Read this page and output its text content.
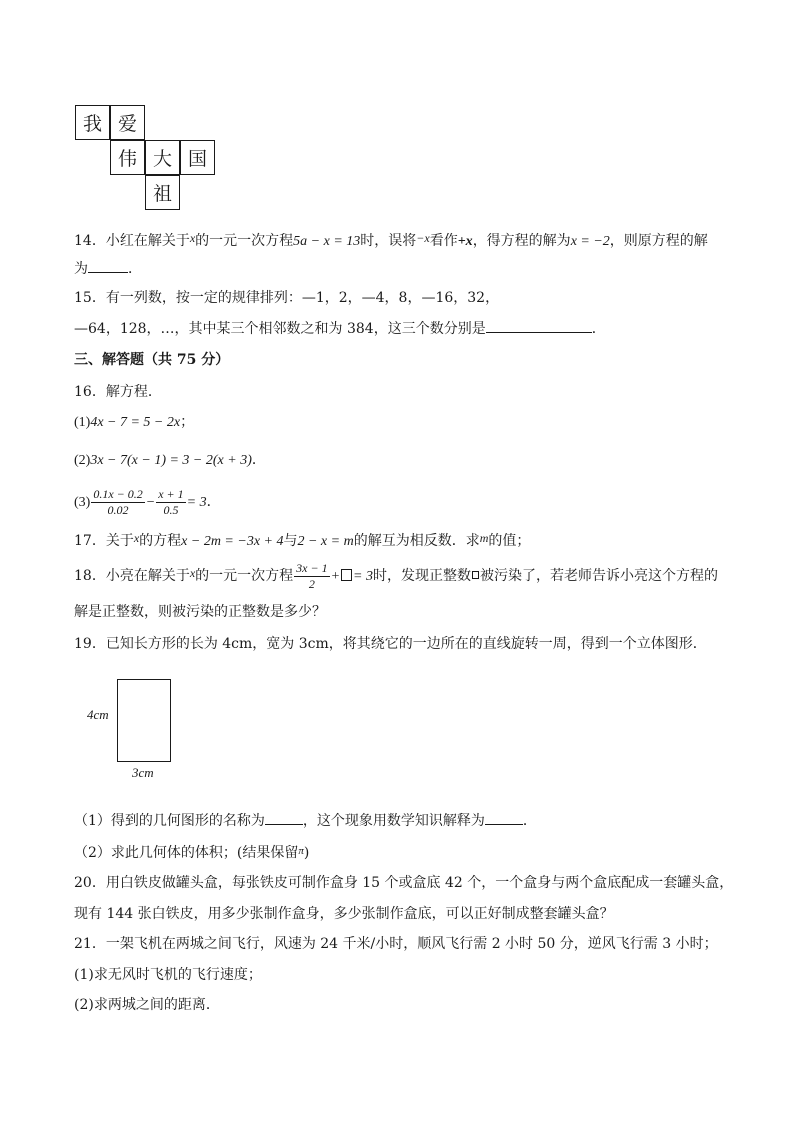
我 爱
伟 大 国
祖
14．小红在解关于x的一元一次方程5a − x = 13时，误将−x看作+x，得方程的解为x = −2，则原方程的解
为	．
15．有一列数，按一定的规律排列：—1，2，—4，8，—16，32，
—64，128，…，其中某三个相邻数之和为 384，这三个数分别是	．
三、解答题（共 75 分）
16．解方程．
(1)4x − 7 = 5 − 2x；
(2)3x − 7(x − 1) = 3 − 2(x + 3)．
$(3) \frac{0.1x - 0.2}{0.02} - \frac{x + 1}{0.5} = 3$．
17．关于x的方程x − 2m = −3x + 4与2 − x = m的解互为相反数．求m的值；
18．小亮在解关于x的一元一次方程 $\frac{3x - 1}{2}$ + = 3时，发现正整数 被污染了，若老师告诉小亮这个方程的
解是正整数，则被污染的正整数是多少？
19．已知长方形的长为 4cm，宽为 3cm，将其绕它的一边所在的直线旋转一周，得到一个立体图形．
4cm
3cm
（1）得到的几何图形的名称为	，这个现象用数学知识解释为	．
（2）求此几何体的体积；(结果保留$^\pi$)
20．用白铁皮做罐头盒，每张铁皮可制作盒身 15 个或盒底 42 个，一个盒身与两个盒底配成一套罐头盒，
现有 144 张白铁皮，用多少张制作盒身，多少张制作盒底，可以正好制成整套罐头盒？
21．一架飞机在两城之间飞行，风速为 24 千米/小时，顺风飞行需 2 小时 50 分，逆风飞行需 3 小时；
(1)求无风时飞机的飞行速度；
(2)求两城之间的距离．
